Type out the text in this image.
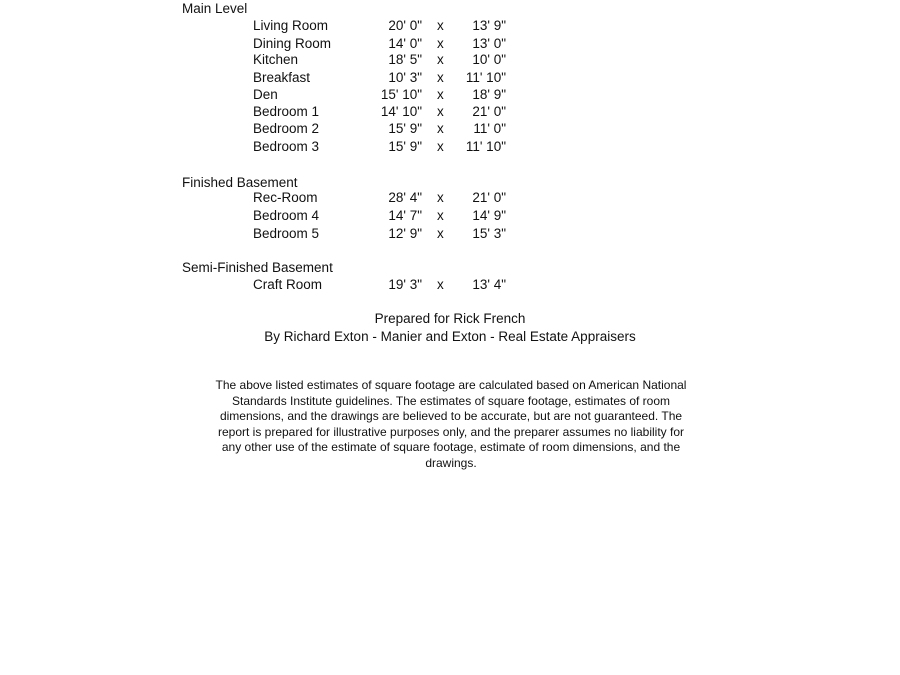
Main Level
Living Room	20' 0" x 13' 9"
Dining Room	14' 0" x 13' 0"
Kitchen	18' 5" x 10' 0"
Breakfast	10' 3" x 11' 10"
Den	15' 10" x 18' 9"
Bedroom 1	14' 10" x 21' 0"
Bedroom 2	15' 9" x 11' 0"
Bedroom 3	15' 9" x 11' 10"
Finished Basement
Rec-Room	28' 4" x 21' 0"
Bedroom 4	14' 7" x 14' 9"
Bedroom 5	12' 9" x 15' 3"
Semi-Finished Basement
Craft Room	19' 3" x 13' 4"
Prepared for Rick French
By Richard Exton - Manier and Exton - Real Estate Appraisers
The above listed estimates of square footage are calculated based on American National
Standards Institute guidelines. The estimates of square footage, estimates of room
dimensions, and the drawings are believed to be accurate, but are not guaranteed. The
report is prepared for illustrative purposes only, and the preparer assumes no liability for
any other use of the estimate of square footage, estimate of room dimensions, and the
drawings.
